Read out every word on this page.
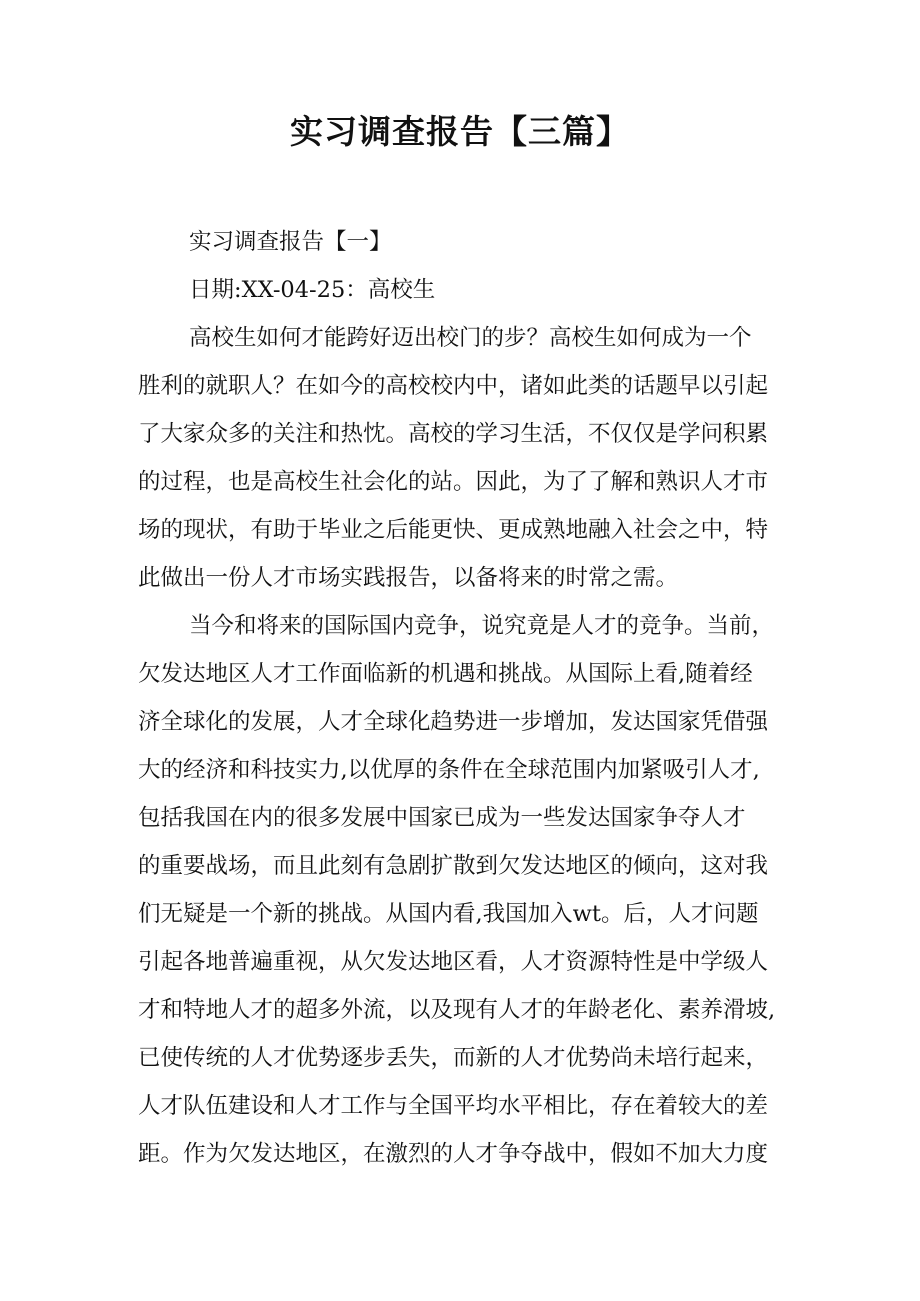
实习调查报告【三篇】
实习调查报告【一】
日期:XX-04-25：高校生
高校生如何才能跨好迈出校门的步？高校生如何成为一个
胜利的就职人？在如今的高校校内中，诸如此类的话题早以引起
了大家众多的关注和热忱。高校的学习生活，不仅仅是学问积累
的过程，也是高校生社会化的站。因此，为了了解和熟识人才市
场的现状，有助于毕业之后能更快、更成熟地融入社会之中，特
此做出一份人才市场实践报告，以备将来的时常之需。
当今和将来的国际国内竞争，说究竟是人才的竞争。当前，
欠发达地区人才工作面临新的机遇和挑战。从国际上看,随着经
济全球化的发展，人才全球化趋势进一步增加，发达国家凭借强
大的经济和科技实力,以优厚的条件在全球范围内加紧吸引人才,
包括我国在内的很多发展中国家已成为一些发达国家争夺人才
的重要战场，而且此刻有急剧扩散到欠发达地区的倾向，这对我
们无疑是一个新的挑战。从国内看,我国加入wt。后，人才问题
引起各地普遍重视，从欠发达地区看，人才资源特性是中学级人
才和特地人才的超多外流，以及现有人才的年龄老化、素养滑坡,
已使传统的人才优势逐步丢失，而新的人才优势尚未培行起来，
人才队伍建设和人才工作与全国平均水平相比，存在着较大的差
距。作为欠发达地区，在激烈的人才争夺战中，假如不加大力度
